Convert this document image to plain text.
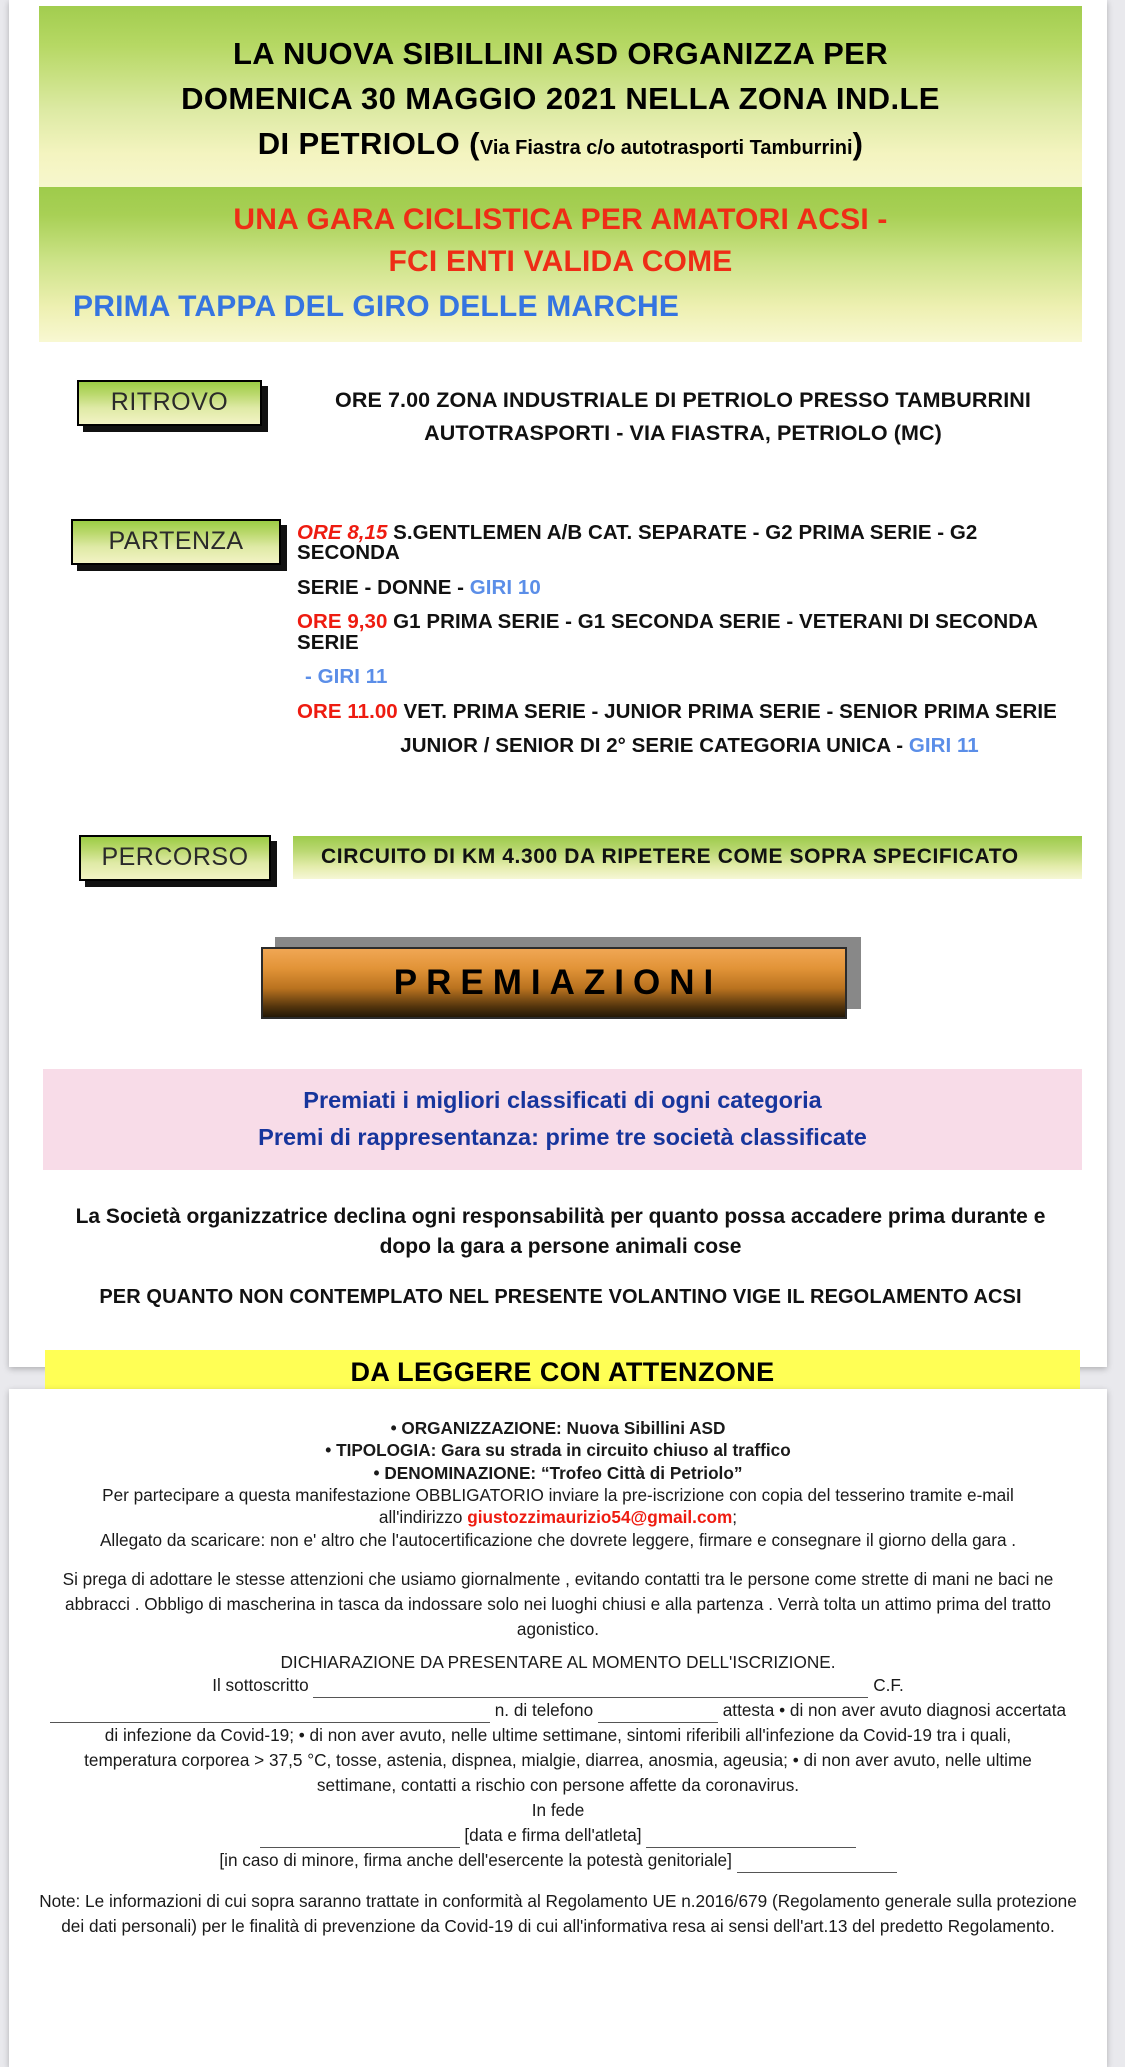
LA NUOVA SIBILLINI ASD ORGANIZZA PER
DOMENICA 30 MAGGIO 2021 NELLA ZONA IND.LE
DI PETRIOLO (Via Fiastra c/o autotrasporti Tamburrini)
UNA GARA CICLISTICA PER AMATORI ACSI -
FCI ENTI VALIDA COME
PRIMA TAPPA DEL GIRO DELLE MARCHE
RITROVO	ORE 7.00 ZONA INDUSTRIALE DI PETRIOLO PRESSO TAMBURRINI
AUTOTRASPORTI - VIA FIASTRA, PETRIOLO (MC)
PARTENZA	ORE 8,15 S.GENTLEMEN A/B CAT. SEPARATE - G2 PRIMA SERIE - G2 SECONDA
SERIE - DONNE - GIRI 10
ORE 9,30 G1 PRIMA SERIE - G1 SECONDA SERIE - VETERANI DI SECONDA SERIE
- GIRI 11
ORE 11.00 VET. PRIMA SERIE - JUNIOR PRIMA SERIE - SENIOR PRIMA SERIE
JUNIOR / SENIOR DI 2° SERIE CATEGORIA UNICA - GIRI 11
PERCORSO	CIRCUITO DI KM 4.300 DA RIPETERE COME SOPRA SPECIFICATO
PREMIAZIONI
Premiati i migliori classificati di ogni categoria
Premi di rappresentanza: prime tre società classificate
La Società organizzatrice declina ogni responsabilità per quanto possa accadere prima durante e
dopo la gara a persone animali cose
PER QUANTO NON CONTEMPLATO NEL PRESENTE VOLANTINO VIGE IL REGOLAMENTO ACSI
DA LEGGERE CON ATTENZONE
• ORGANIZZAZIONE: Nuova Sibillini ASD
• TIPOLOGIA: Gara su strada in circuito chiuso al traffico
• DENOMINAZIONE: “Trofeo Città di Petriolo”
Per partecipare a questa manifestazione OBBLIGATORIO inviare la pre-iscrizione con copia del tesserino tramite e-mail
all'indirizzo giustozzimaurizio54@gmail.com;
Allegato da scaricare: non e' altro che l'autocertificazione che dovrete leggere, firmare e consegnare il giorno della gara .
Si prega di adottare le stesse attenzioni che usiamo giornalmente , evitando contatti tra le persone come strette di mani ne baci ne abbracci . Obbligo di mascherina in tasca da indossare solo nei luoghi chiusi e alla partenza . Verrà tolta un attimo prima del tratto agonistico.
DICHIARAZIONE DA PRESENTARE AL MOMENTO DELL'ISCRIZIONE.
Il sottoscritto	C.F.
n. di telefono	attesta • di non aver avuto diagnosi accertata
di infezione da Covid-19; • di non aver avuto, nelle ultime settimane, sintomi riferibili all'infezione da Covid-19 tra i quali,
temperatura corporea > 37,5 °C, tosse, astenia, dispnea, mialgie, diarrea, anosmia, ageusia; • di non aver avuto, nelle ultime
settimane, contatti a rischio con persone affette da coronavirus.
In fede
[data e firma dell'atleta]
[in caso di minore, firma anche dell'esercente la potestà genitoriale]
Note: Le informazioni di cui sopra saranno trattate in conformità al Regolamento UE n.2016/679 (Regolamento generale sulla protezione dei dati personali) per le finalità di prevenzione da Covid-19 di cui all'informativa resa ai sensi dell'art.13 del predetto Regolamento.
